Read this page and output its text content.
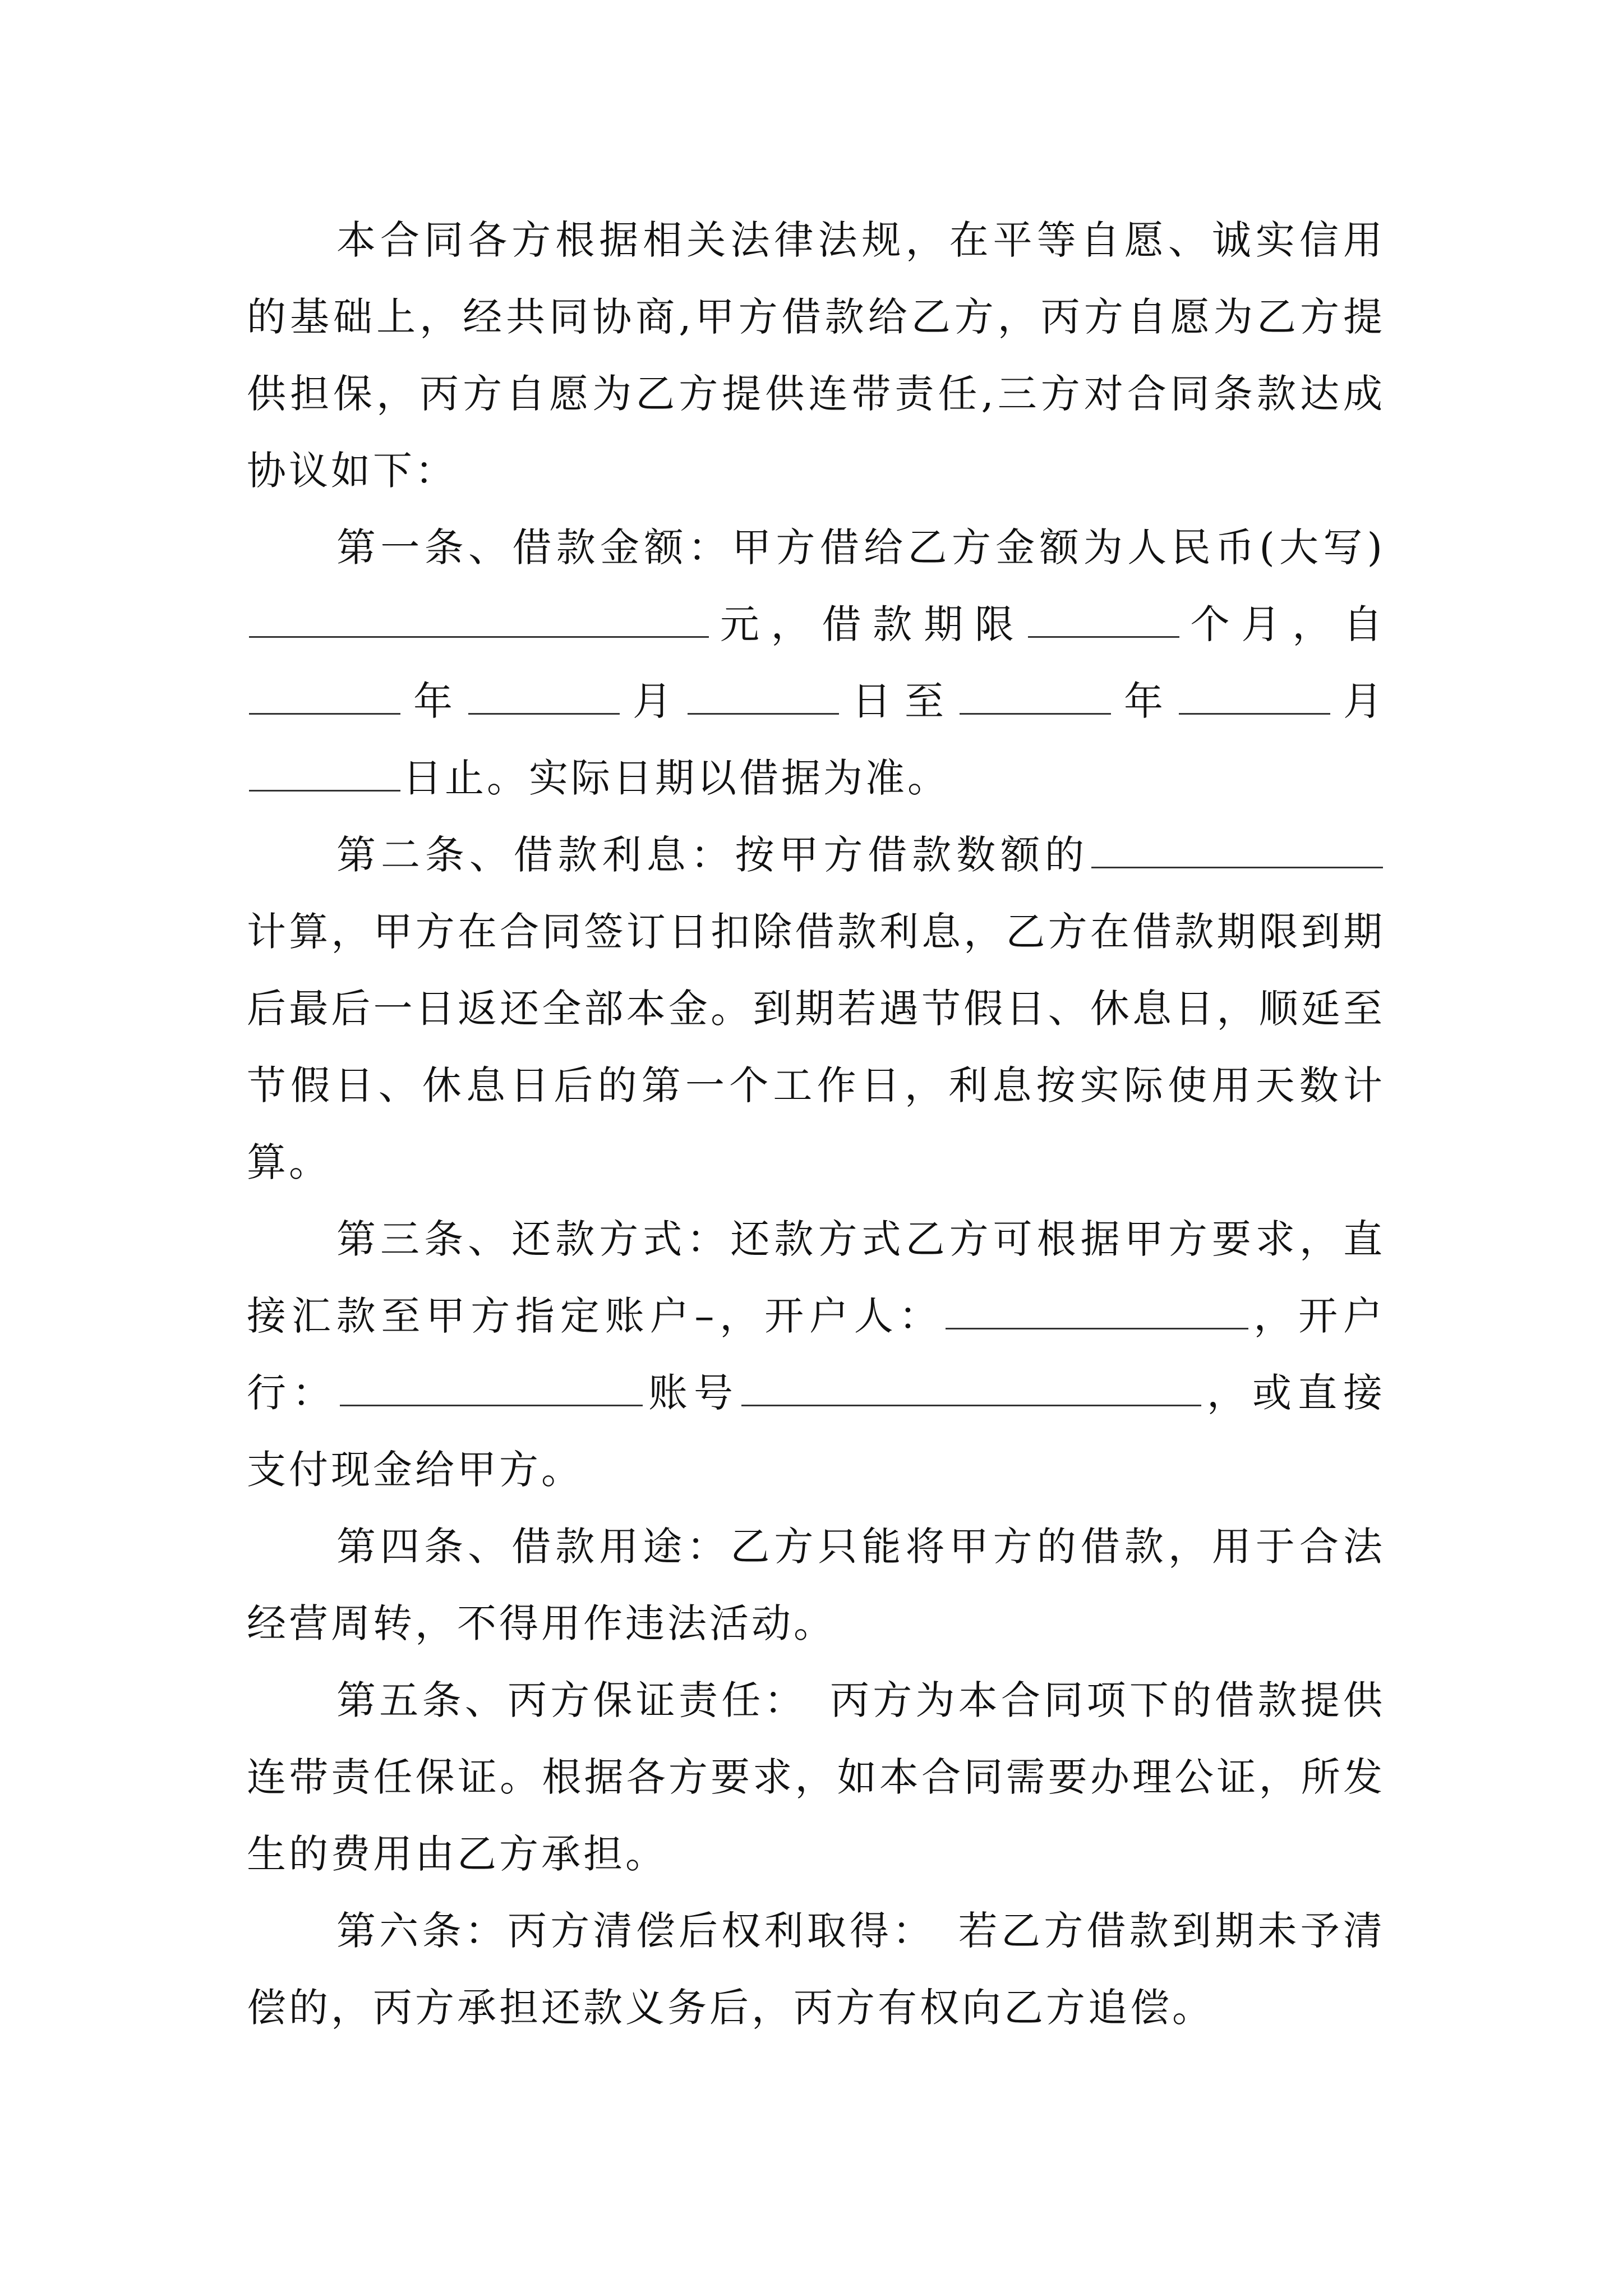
本合同各方根据相关法律法规，在平等自愿、诚实信用的基础上，经共同协商,甲方借款给乙方，丙方自愿为乙方提供担保，丙方自愿为乙方提供连带责任,三方对合同条款达成协议如下：

第一条、借款金额：甲方借给乙方金额为人民币(大写)元，借款期限	个月，自年	月	日至	年	月日止。实际日期以借据为准。

第二条、借款利息：按甲方借款数额的计算，甲方在合同签订日扣除借款利息，乙方在借款期限到期后最后一日返还全部本金。到期若遇节假日、休息日，顺延至节假日、休息日后的第一个工作日，利息按实际使用天数计算。

第三条、还款方式：还款方式乙方可根据甲方要求，直接汇款至甲方指定账户–，开户人：	，开户行：	账号	，或直接支付现金给甲方。

第四条、借款用途：乙方只能将甲方的借款，用于合法经营周转，不得用作违法活动。

第五条、丙方保证责任：　丙方为本合同项下的借款提供连带责任保证。根据各方要求，如本合同需要办理公证，所发生的费用由乙方承担。

第六条：丙方清偿后权利取得：　若乙方借款到期未予清偿的，丙方承担还款义务后，丙方有权向乙方追偿。
